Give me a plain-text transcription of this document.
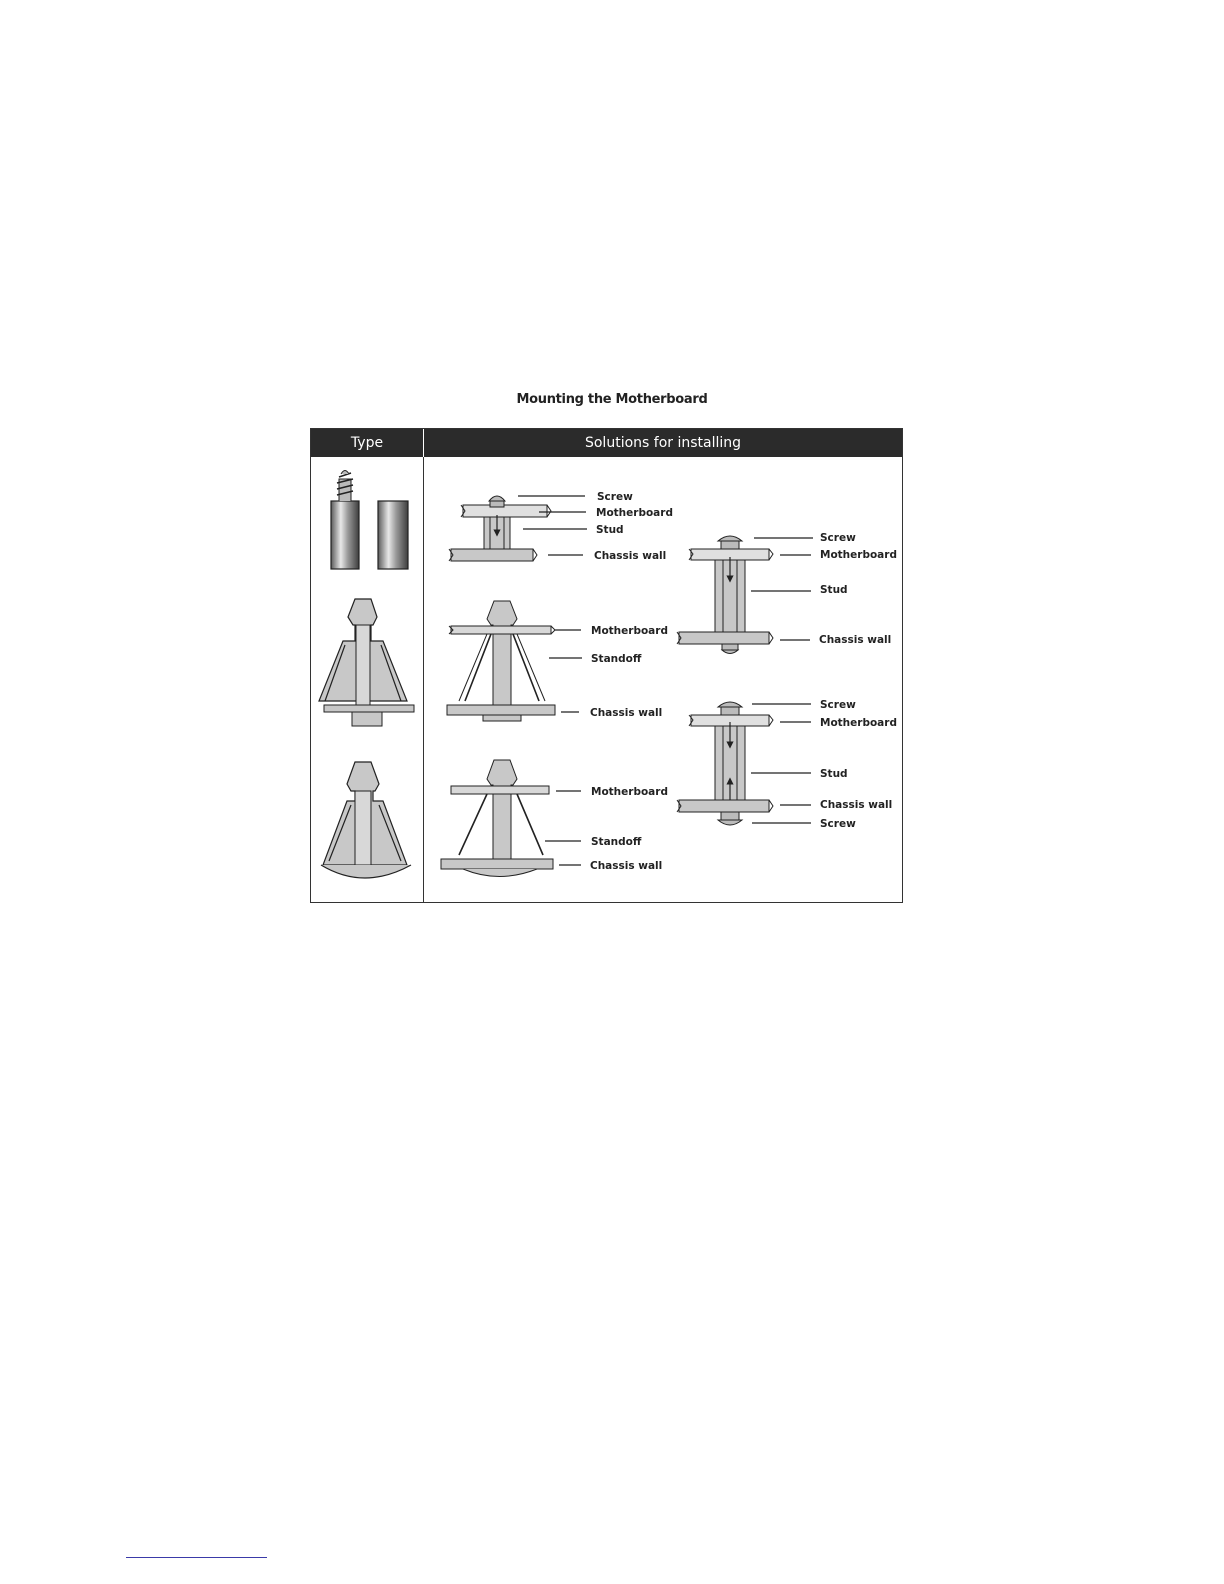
Mounting the Motherboard
Type	Solutions for installing
Screw
Motherboard
Stud
Chassis wall
Motherboard
Standoff
Chassis wall
Motherboard
Standoff
Chassis wall
Screw
Motherboard
Stud
Chassis wall
Screw
Motherboard
Stud
Chassis wall
Screw
